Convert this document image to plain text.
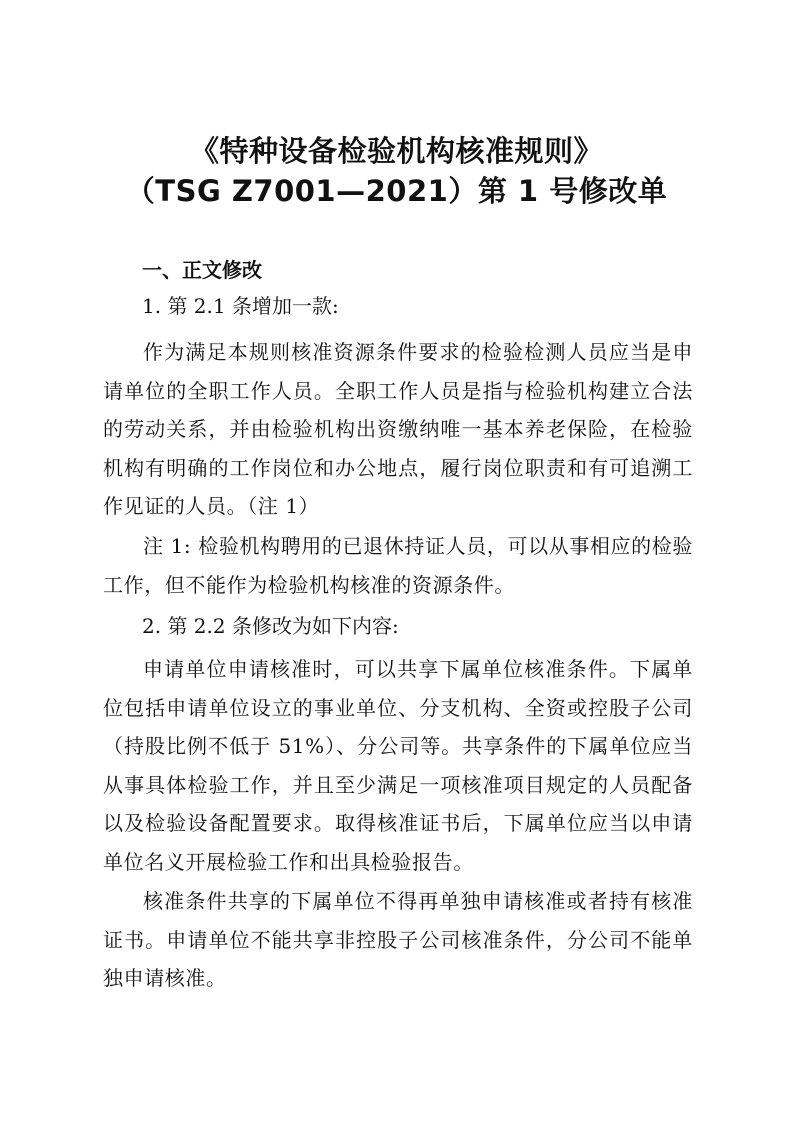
《特种设备检验机构核准规则》
（TSG Z7001—2021）第 1 号修改单
一、正文修改
1. 第 2.1 条增加一款:

作为满足本规则核准资源条件要求的检验检测人员应当是申请单位的全职工作人员。全职工作人员是指与检验机构建立合法的劳动关系，并由检验机构出资缴纳唯一基本养老保险，在检验机构有明确的工作岗位和办公地点，履行岗位职责和有可追溯工作见证的人员。（注 1）

注 1: 检验机构聘用的已退休持证人员，可以从事相应的检验工作，但不能作为检验机构核准的资源条件。

2. 第 2.2 条修改为如下内容:

申请单位申请核准时，可以共享下属单位核准条件。下属单位包括申请单位设立的事业单位、分支机构、全资或控股子公司（持股比例不低于 51%）、分公司等。共享条件的下属单位应当从事具体检验工作，并且至少满足一项核准项目规定的人员配备以及检验设备配置要求。取得核准证书后，下属单位应当以申请单位名义开展检验工作和出具检验报告。

核准条件共享的下属单位不得再单独申请核准或者持有核准证书。申请单位不能共享非控股子公司核准条件，分公司不能单独申请核准。
